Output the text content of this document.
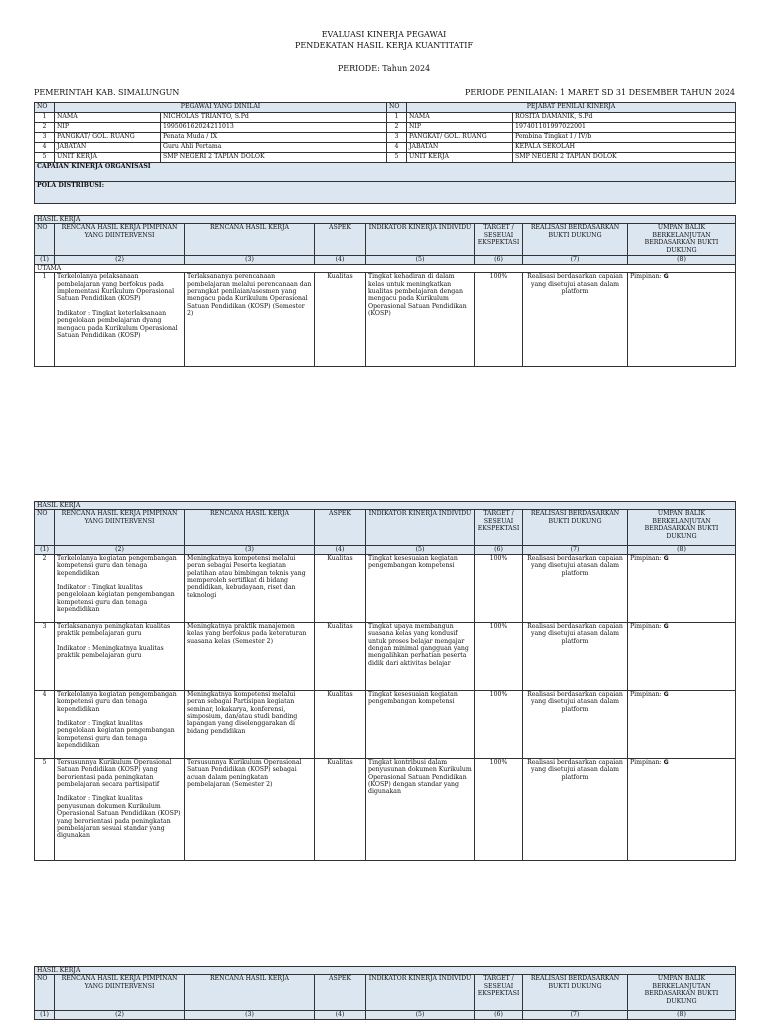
EVALUASI KINERJA PEGAWAI
PENDEKATAN HASIL KERJA KUANTITATIF
PERIODE: Tahun 2024
PEMERINTAH KAB. SIMALUNGUN	PERIODE PENILAIAN: 1 MARET SD 31 DESEMBER TAHUN 2024
NO	PEGAWAI YANG DINILAI		NO	PEJABAT PENILAI KINERJA	
1	NAMA	NICHOLAS TRIANTO, S.Pd	1	NAMA	ROSITA DAMANIK, S.Pd
2	NIP	199506162024211013	2	NIP	197401101997022001
3	PANGKAT/ GOL. RUANG	Penata Muda / IX	3	PANGKAT/ GOL. RUANG	Pembina Tingkat I / IV/b
4	JABATAN	Guru Ahli Pertama	4	JABATAN	KEPALA SEKOLAH
5	UNIT KERJA	SMP NEGERI 2 TAPIAN DOLOK	5	UNIT KERJA	SMP NEGERI 2 TAPIAN DOLOK
CAPAIAN KINERJA ORGANISASI					
POLA DISTRIBUSI:					
HASIL KERJA							
NO	RENCANA HASIL KERJA PIMPINAN YANG DIINTERVENSI	RENCANA HASIL KERJA	ASPEK	INDIKATOR KINERJA INDIVIDU	TARGET / SESEUAI EKSPEKTASI	REALISASI BERDASARKAN BUKTI DUKUNG	UMPAN BALIK BERKELANJUTAN BERDASARKAN BUKTI DUKUNG
(1)	(2)	(3)	(4)	(5)	(6)	(7)	(8)
UTAMA							
1	Terkelolanya pelaksanaan pembelajaran yang berfokus pada implementasi Kurikulum Operasional Satuan Pendidikan (KOSP)
Indikator : Tingkat keterlaksanaan pengelolaan pembelajaran dyang mengacu pada Kurikulum Operasional Satuan Pendidikan (KOSP)	Terlaksananya perencanaan pembelajaran melalui perencanaan dan perangkat penilaian/asesmen yang mengacu pada Kurikulum Operasional Satuan Pendidikan (KOSP) (Semester 2)	Kualitas	Tingkat kehadiran di dalam kelas untuk meningkatkan kualitas pembelajaran dengan mengacu pada Kurikulum Operasional Satuan Pendidikan (KOSP)	100%	Realisasi berdasarkan capaian yang disetujui atasan dalam platform	Pimpinan: G
HASIL KERJA							
NO	RENCANA HASIL KERJA PIMPINAN YANG DIINTERVENSI	RENCANA HASIL KERJA	ASPEK	INDIKATOR KINERJA INDIVIDU	TARGET / SESEUAI EKSPEKTASI	REALISASI BERDASARKAN BUKTI DUKUNG	UMPAN BALIK BERKELANJUTAN BERDASARKAN BUKTI DUKUNG
(1)	(2)	(3)	(4)	(5)	(6)	(7)	(8)
2	Terkelolanya kegiatan pengembangan kompetensi guru dan tenaga kependidikan
Indikator : Tingkat kualitas pengelolaan kegiatan pengembangan kompetensi guru dan tenaga kependidikan	Meningkatnya kompetensi melalui peran sebagai Peserta kegiatan pelatihan atau bimbingan teknis yang memperoleh sertifikat di bidang pendidikan, kebudayaan, riset dan teknologi	Kualitas	Tingkat kesesuaian kegiatan pengembangan kompetensi	100%	Realisasi berdasarkan capaian yang disetujui atasan dalam platform	Pimpinan: G
3	Terlaksananya peningkatan kualitas praktik pembelajaran guru
Indikator : Meningkatnya kualitas praktik pembelajaran guru	Meningkatnya praktik manajemen kelas yang berfokus pada keteraturan suasana kelas (Semester 2)	Kualitas	Tingkat upaya membangun suasana kelas yang kondusif untuk proses belajar mengajar dengan minimal gangguan yang mengalihkan perhatian peserta didik dari aktivitas belajar	100%	Realisasi berdasarkan capaian yang disetujui atasan dalam platform	Pimpinan: G
4	Terkelolanya kegiatan pengembangan kompetensi guru dan tenaga kependidikan
Indikator : Tingkat kualitas pengelolaan kegiatan pengembangan kompetensi guru dan tenaga kependidikan	Meningkatnya kompetensi melalui peran sebagai Partisipan kegiatan seminar, lokakarya, konferensi, simposium, dan/atau studi banding lapangan yang diselenggarakan di bidang pendidikan	Kualitas	Tingkat kesesuaian kegiatan pengembangan kompetensi	100%	Realisasi berdasarkan capaian yang disetujui atasan dalam platform	Pimpinan: G
5	Tersusunnya Kurikulum Operasional Satuan Pendidikan (KOSP) yang berorientasi pada peningkatan pembelajaran secara partisipatif
Indikator : Tingkat kualitas penyusunan dokumen Kurikulum Operasional Satuan Pendidikan (KOSP) yang berorientasi pada peningkatan pembelajaran sesuai standar yang digunakan	Tersusunnya Kurikulum Operasional Satuan Pendidikan (KOSP) sebagai acuan dalam peningkatan pembelajaran (Semester 2)	Kualitas	Tingkat kontribusi dalam penyusunan dokumen Kurikulum Operasional Satuan Pendidikan (KOSP) dengan standar yang digunakan	100%	Realisasi berdasarkan capaian yang disetujui atasan dalam platform	Pimpinan: G
HASIL KERJA							
NO	RENCANA HASIL KERJA PIMPINAN YANG DIINTERVENSI	RENCANA HASIL KERJA	ASPEK	INDIKATOR KINERJA INDIVIDU	TARGET / SESEUAI EKSPEKTASI	REALISASI BERDASARKAN BUKTI DUKUNG	UMPAN BALIK BERKELANJUTAN BERDASARKAN BUKTI DUKUNG
(1)	(2)	(3)	(4)	(5)	(6)	(7)	(8)
